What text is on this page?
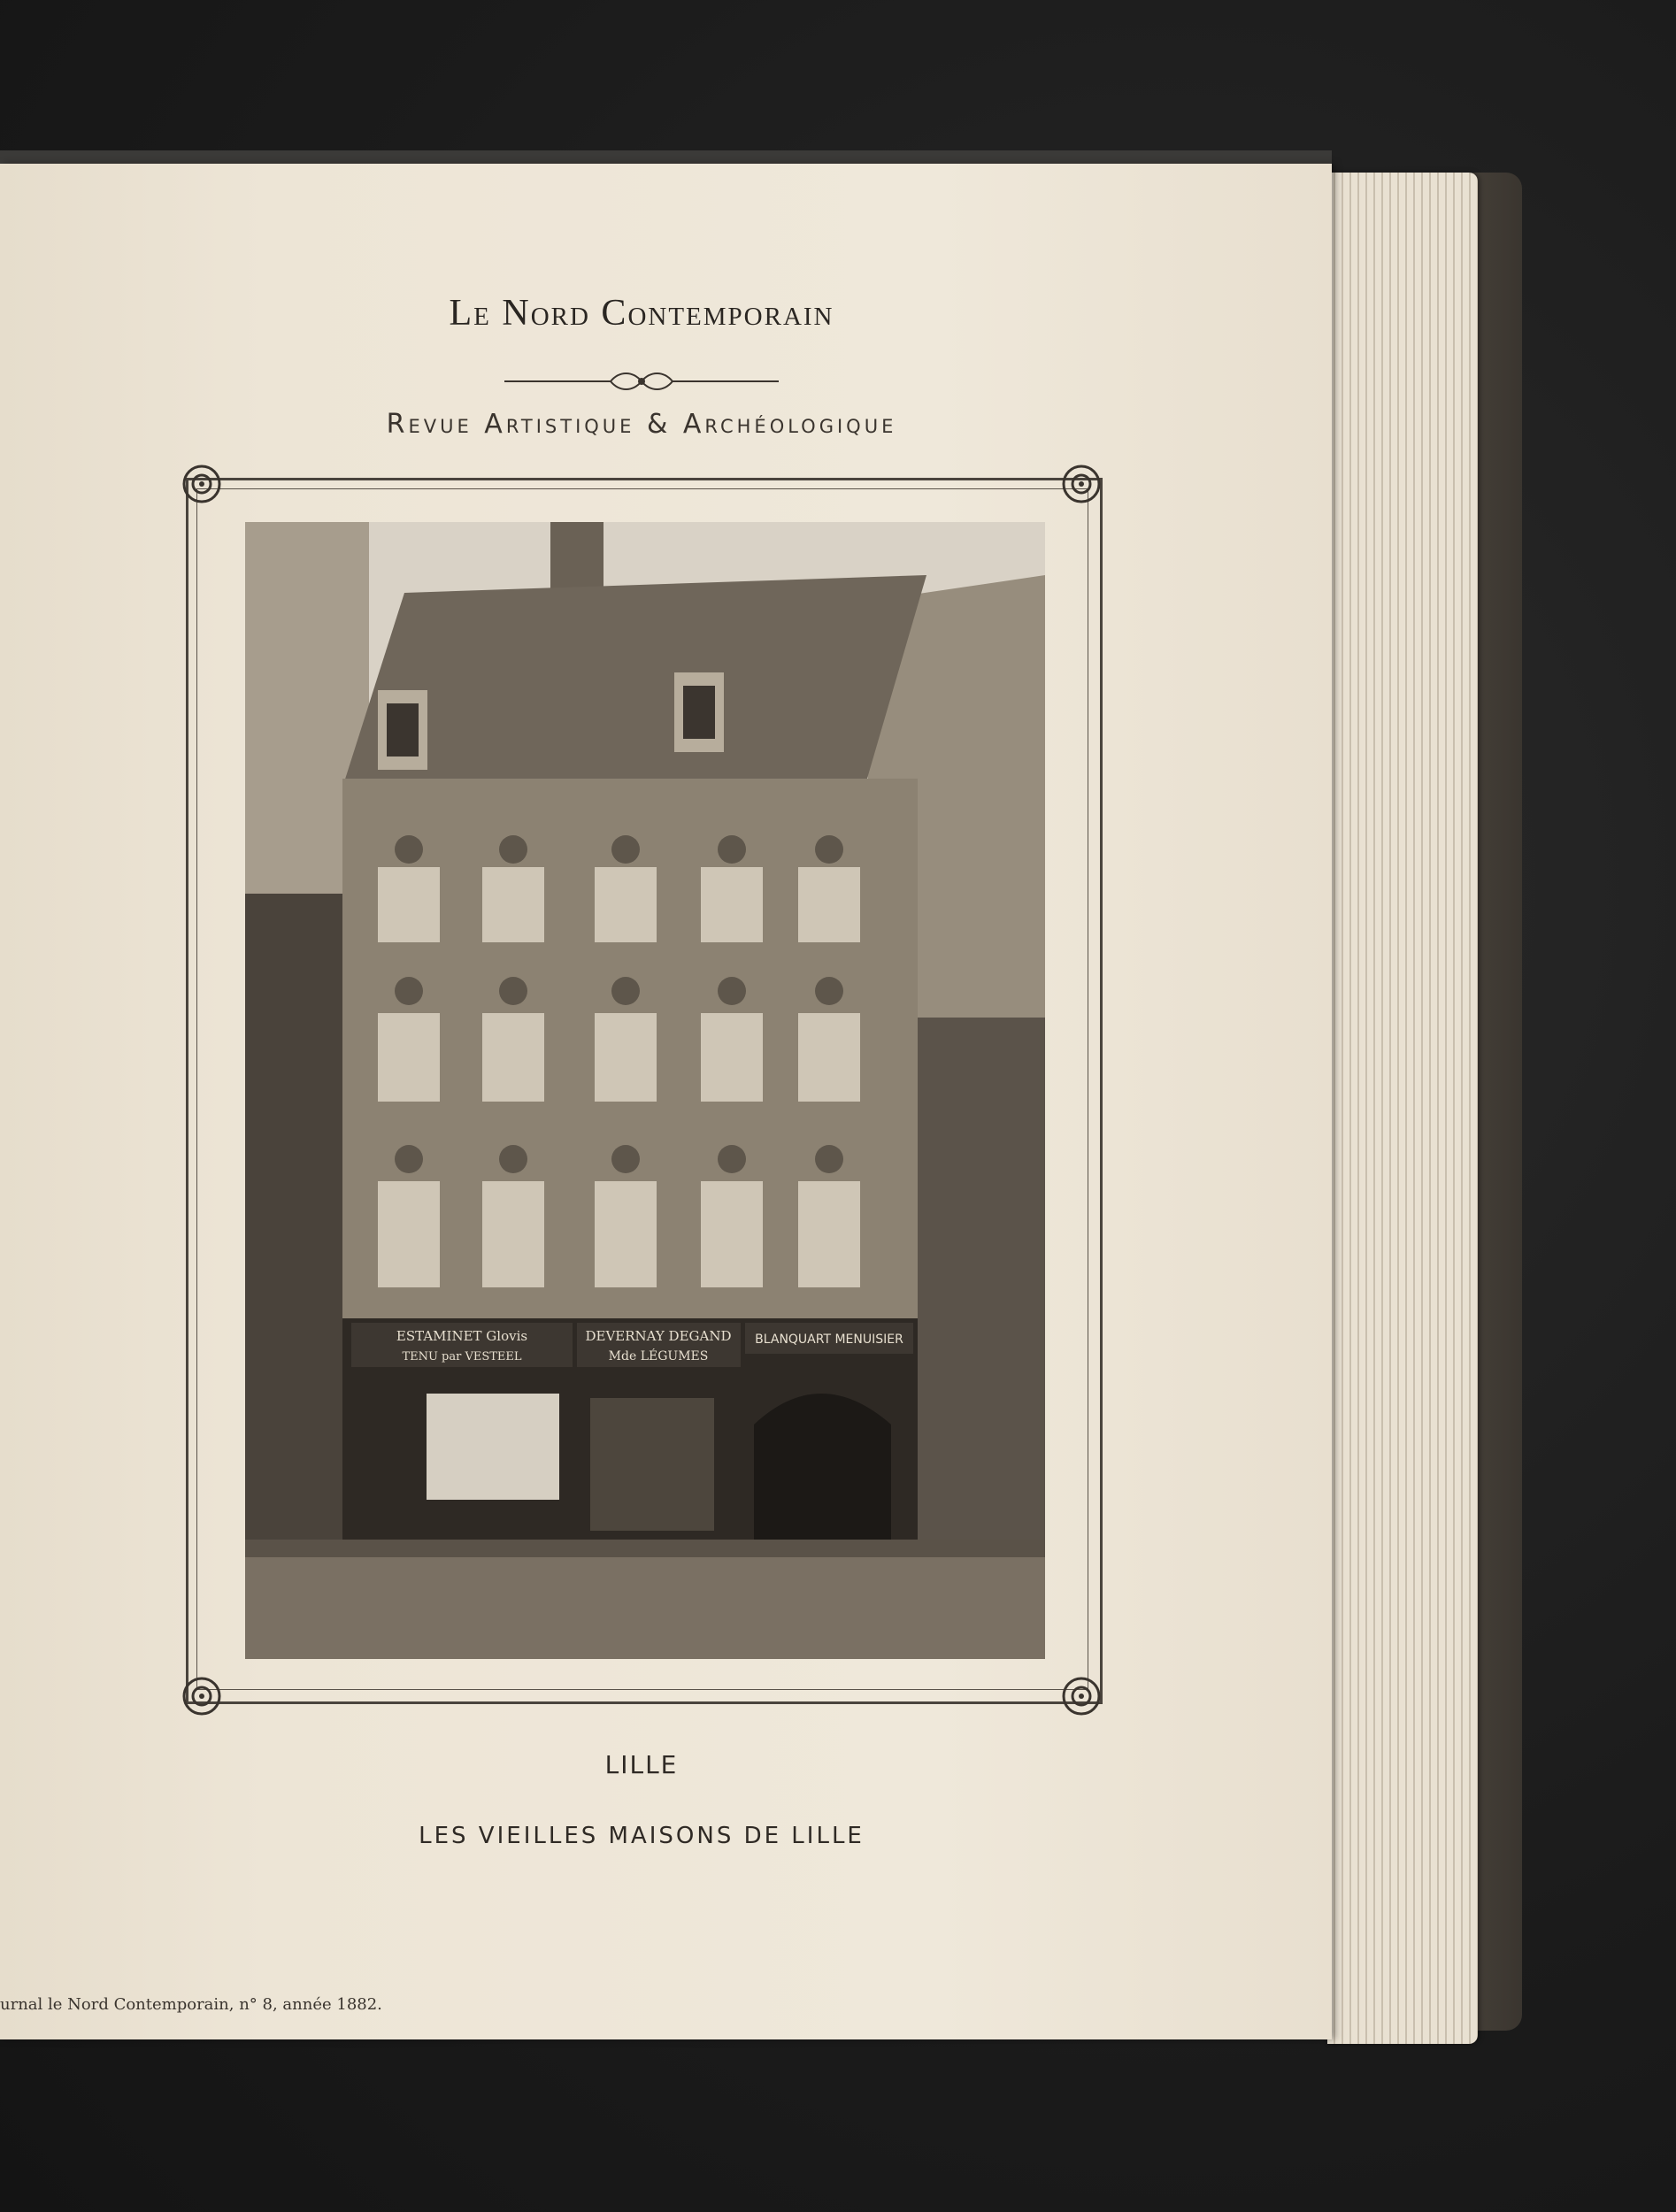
Le Nord Contemporain
Revue Artistique & Archéologique
ESTAMINET Glovis
TENU par VESTEEL
DEVERNAY DEGAND
Mde LÉGUMES
BLANQUART MENUISIER
LILLE
LES VIEILLES MAISONS DE LILLE
urnal le Nord Contemporain, n° 8, année 1882.
